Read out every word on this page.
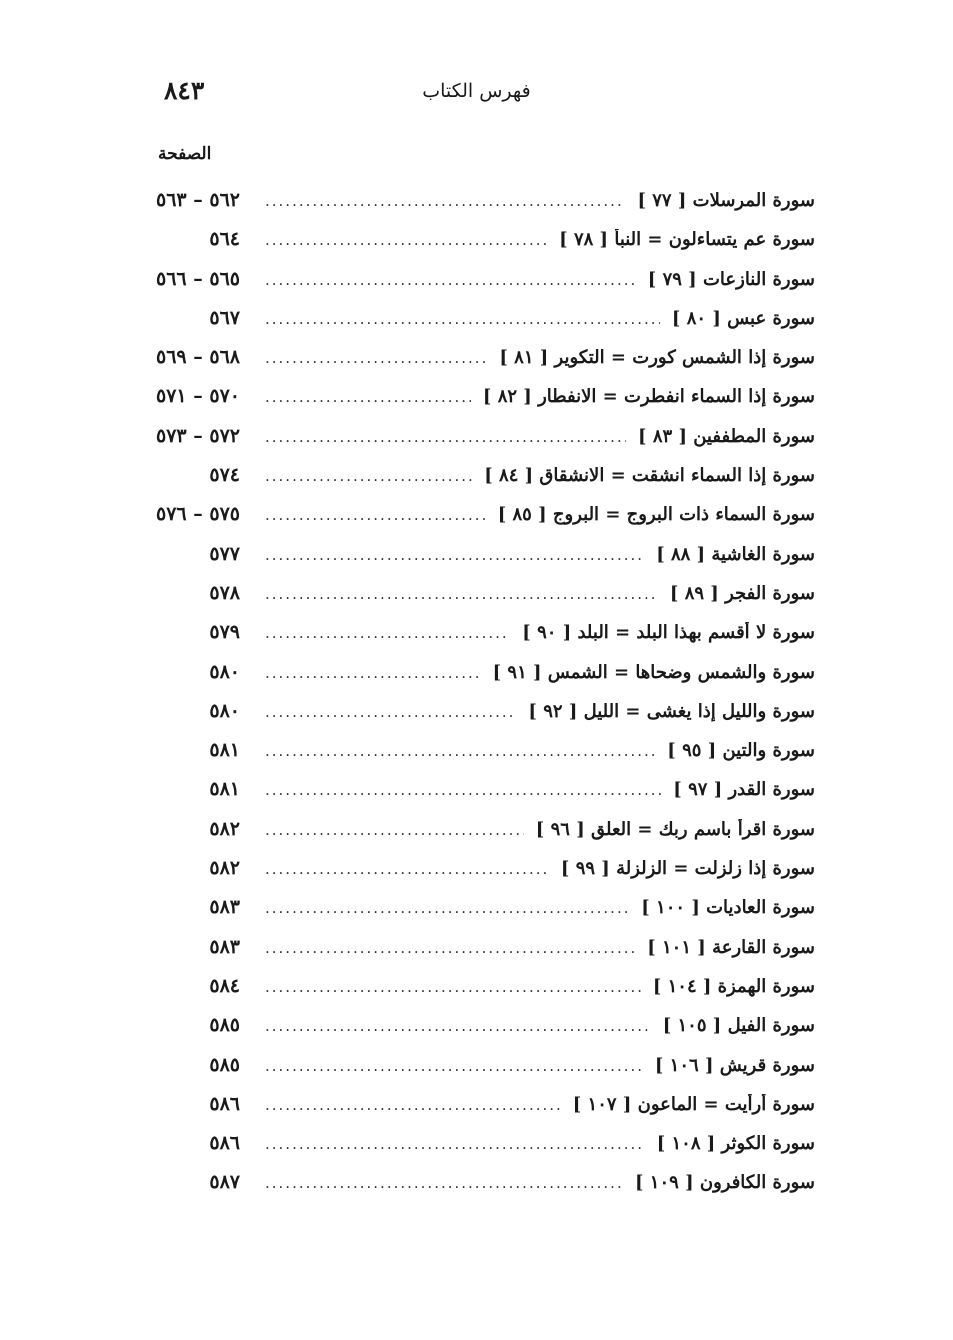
٨٤٣	فهرس الكتاب
الصفحة
٥٦٢ – ٥٦٣	سورة المرسلات [ ٧٧ ]
.....
٥٦٤	سورة عم يتساءلون = النبأ [ ٧٨ ]
.....
٥٦٥ – ٥٦٦	سورة النازعات [ ٧٩ ]
.....
٥٦٧	سورة عبس [ ٨٠ ]
.....
٥٦٨ – ٥٦٩	سورة إذا الشمس كورت = التكوير [ ٨١ ]
.....
٥٧٠ – ٥٧١	سورة إذا السماء انفطرت = الانفطار [ ٨٢ ]
.....
٥٧٢ – ٥٧٣	سورة المطففين [ ٨٣ ]
.....
٥٧٤	سورة إذا السماء انشقت = الانشقاق [ ٨٤ ]
.....
٥٧٥ – ٥٧٦	سورة السماء ذات البروج = البروج [ ٨٥ ]
.....
٥٧٧	سورة الغاشية [ ٨٨ ]
.....
٥٧٨	سورة الفجر [ ٨٩ ]
.....
٥٧٩	سورة لا أقسم بهذا البلد = البلد [ ٩٠ ]
.....
٥٨٠	سورة والشمس وضحاها = الشمس [ ٩١ ]
.....
٥٨٠	سورة والليل إذا يغشى = الليل [ ٩٢ ]
.....
٥٨١	سورة والتين [ ٩٥ ]
.....
٥٨١	سورة القدر [ ٩٧ ]
.....
٥٨٢	سورة اقرأ باسم ربك = العلق [ ٩٦ ]
.....
٥٨٢	سورة إذا زلزلت = الزلزلة [ ٩٩ ]
.....
٥٨٣	سورة العاديات [ ١٠٠ ]
.....
٥٨٣	سورة القارعة [ ١٠١ ]
.....
٥٨٤	سورة الهمزة [ ١٠٤ ]
.....
٥٨٥	سورة الفيل [ ١٠٥ ]
.....
٥٨٥	سورة قريش [ ١٠٦ ]
.....
٥٨٦	سورة أرأيت = الماعون [ ١٠٧ ]
.....
٥٨٦	سورة الكوثر [ ١٠٨ ]
.....
٥٨٧	سورة الكافرون [ ١٠٩ ]
.....
